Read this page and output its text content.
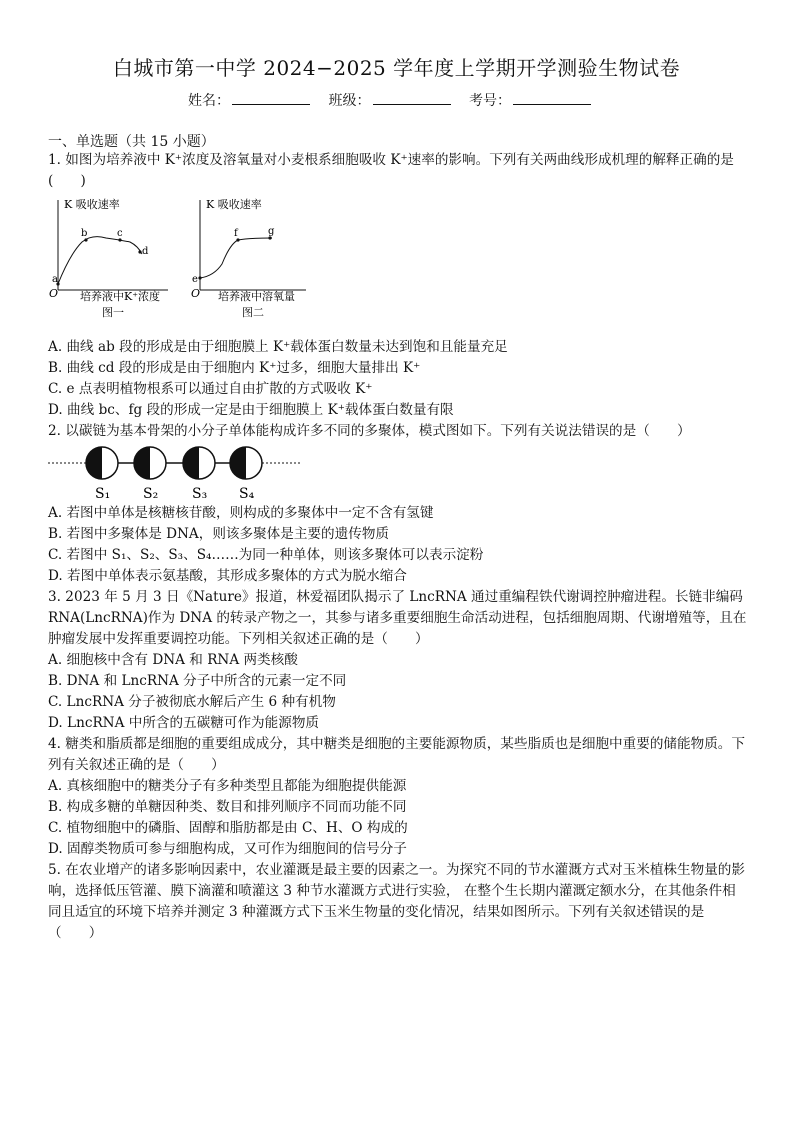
白城市第一中学 2024−2025 学年度上学期开学测验生物试卷
姓名：	班级：	考号：
一、单选题（共 15 小题）
1. 如图为培养液中 K⁺浓度及溶氧量对小麦根系细胞吸收 K⁺速率的影响。下列有关两曲线形成机理的解释正确的是(　　)
K 吸收速率
O
a
b	c
d
培养液中K⁺浓度
图一
K 吸收速率
O
e
f	g
培养液中溶氧量
图二
A. 曲线 ab 段的形成是由于细胞膜上 K⁺载体蛋白数量未达到饱和且能量充足
B. 曲线 cd 段的形成是由于细胞内 K⁺过多，细胞大量排出 K⁺
C. e 点表明植物根系可以通过自由扩散的方式吸收 K⁺
D. 曲线 bc、fg 段的形成一定是由于细胞膜上 K⁺载体蛋白数量有限
2. 以碳链为基本骨架的小分子单体能构成许多不同的多聚体，模式图如下。下列有关说法错误的是（　　）
S₁ S₂ S₃ S₄
A. 若图中单体是核糖核苷酸，则构成的多聚体中一定不含有氢键
B. 若图中多聚体是 DNA，则该多聚体是主要的遗传物质
C. 若图中 S₁、S₂、S₃、S₄……为同一种单体，则该多聚体可以表示淀粉
D. 若图中单体表示氨基酸，其形成多聚体的方式为脱水缩合
3. 2023 年 5 月 3 日《Nature》报道，林爱福团队揭示了 LncRNA 通过重编程铁代谢调控肿瘤进程。长链非编码 RNA(LncRNA)作为 DNA 的转录产物之一，其参与诸多重要细胞生命活动进程，包括细胞周期、代谢增殖等，且在肿瘤发展中发挥重要调控功能。下列相关叙述正确的是（　　）
A. 细胞核中含有 DNA 和 RNA 两类核酸
B. DNA 和 LncRNA 分子中所含的元素一定不同
C. LncRNA 分子被彻底水解后产生 6 种有机物
D. LncRNA 中所含的五碳糖可作为能源物质
4. 糖类和脂质都是细胞的重要组成成分，其中糖类是细胞的主要能源物质，某些脂质也是细胞中重要的储能物质。下列有关叙述正确的是（　　）
A. 真核细胞中的糖类分子有多种类型且都能为细胞提供能源
B. 构成多糖的单糖因种类、数目和排列顺序不同而功能不同
C. 植物细胞中的磷脂、固醇和脂肪都是由 C、H、O 构成的
D. 固醇类物质可参与细胞构成，又可作为细胞间的信号分子
5. 在农业增产的诸多影响因素中，农业灌溉是最主要的因素之一。为探究不同的节水灌溉方式对玉米植株生物量的影响，选择低压管灌、膜下滴灌和喷灌这 3 种节水灌溉方式进行实验， 在整个生长期内灌溉定额水分，在其他条件相同且适宜的环境下培养并测定 3 种灌溉方式下玉米生物量的变化情况，结果如图所示。下列有关叙述错误的是（　　）
